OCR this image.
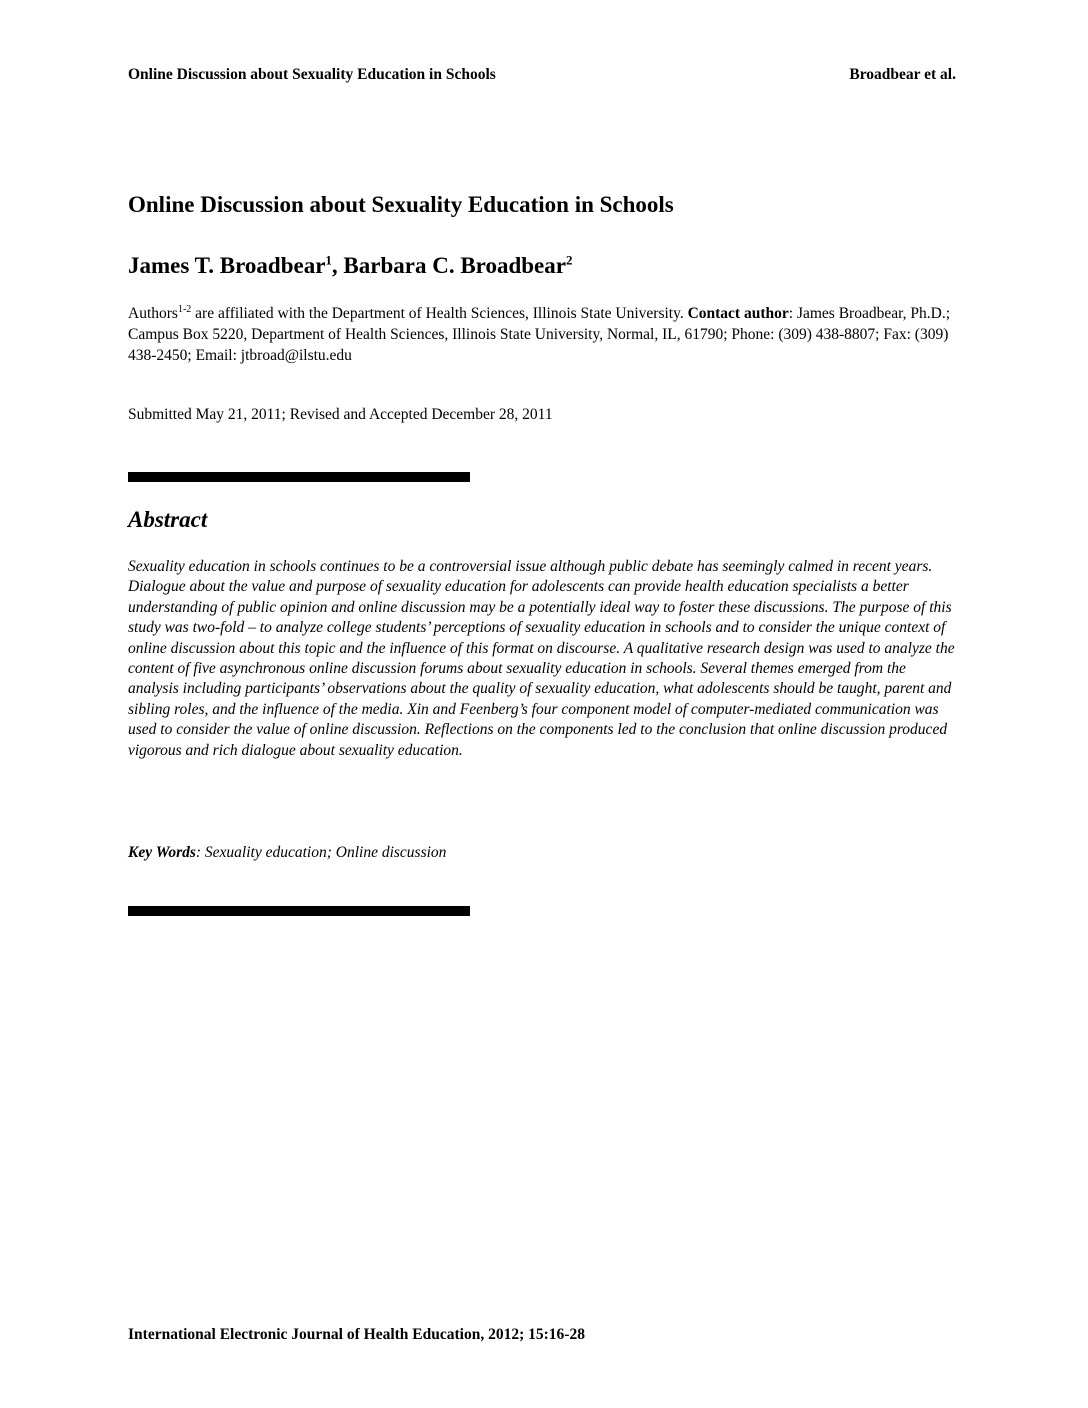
Online Discussion about Sexuality Education in Schools	Broadbear et al.
Online Discussion about Sexuality Education in Schools
James T. Broadbear$^1$, Barbara C. Broadbear$^2$
Authors$^{1-2}$ are affiliated with the Department of Health Sciences, Illinois State University. Contact author: James Broadbear, Ph.D.; Campus Box 5220, Department of Health Sciences, Illinois State University, Normal, IL, 61790; Phone: (309) 438-8807; Fax: (309) 438-2450; Email: jtbroad@ilstu.edu
Submitted May 21, 2011; Revised and Accepted December 28, 2011
Abstract
Sexuality education in schools continues to be a controversial issue although public debate has seemingly calmed in recent years. Dialogue about the value and purpose of sexuality education for adolescents can provide health education specialists a better understanding of public opinion and online discussion may be a potentially ideal way to foster these discussions. The purpose of this study was two-fold – to analyze college students’ perceptions of sexuality education in schools and to consider the unique context of online discussion about this topic and the influence of this format on discourse. A qualitative research design was used to analyze the content of five asynchronous online discussion forums about sexuality education in schools. Several themes emerged from the analysis including participants’ observations about the quality of sexuality education, what adolescents should be taught, parent and sibling roles, and the influence of the media. Xin and Feenberg’s four component model of computer-mediated communication was used to consider the value of online discussion. Reflections on the components led to the conclusion that online discussion produced vigorous and rich dialogue about sexuality education.
Key Words: Sexuality education; Online discussion
International Electronic Journal of Health Education, 2012; 15:16-28
